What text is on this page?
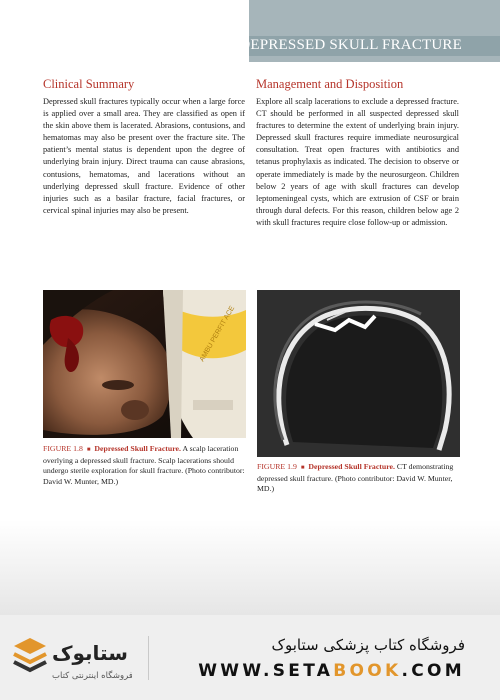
DEPRESSED SKULL FRACTURE
Clinical Summary
Depressed skull fractures typically occur when a large force is applied over a small area. They are classified as open if the skin above them is lacerated. Abrasions, contusions, and hematomas may also be present over the fracture site. The patient’s mental status is dependent upon the degree of underlying brain injury. Direct trauma can cause abrasions, contusions, hematomas, and lacerations without an underlying depressed skull fracture. Evidence of other injuries such as a basilar fracture, facial fractures, or cervical spinal injuries may also be present.
Management and Disposition
Explore all scalp lacerations to exclude a depressed fracture. CT should be performed in all suspected depressed skull fractures to determine the extent of underlying brain injury. Depressed skull fractures require immediate neurosurgical consultation. Treat open fractures with antibiotics and tetanus prophylaxis as indicated. The decision to observe or operate immediately is made by the neurosurgeon. Children below 2 years of age with skull fractures can develop leptomeningeal cysts, which are extrusion of CSF or brain through dural defects. For this reason, children below age 2 with skull fractures require close follow-up or admission.
AMBU PERFIT ACE
FIGURE 1.8 ■ Depressed Skull Fracture. A scalp laceration overlying a depressed skull fracture. Scalp lacerations should undergo sterile exploration for skull fracture. (Photo contributor: David W. Munter, MD.)
FIGURE 1.9 ■ Depressed Skull Fracture. CT demonstrating depressed skull fracture. (Photo contributor: David W. Munter, MD.)
ستابوک
فروشگاه اینترنتی کتاب
فروشگاه کتاب پزشکی ستابوک
WWW.SETABOOK.COM
